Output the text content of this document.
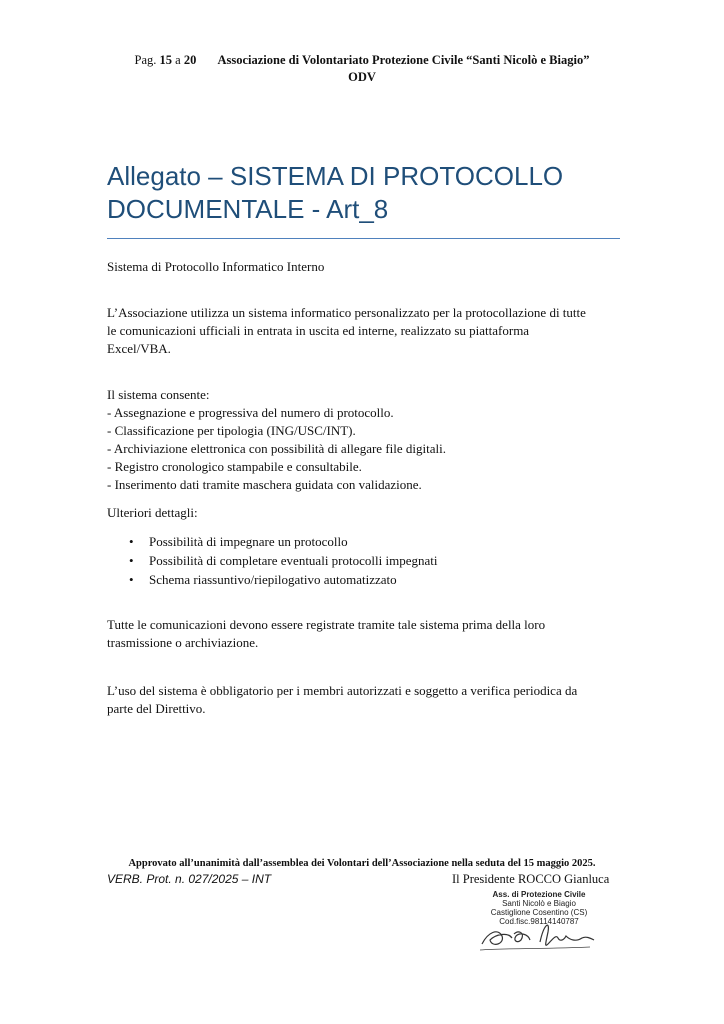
Pag. 15 a 20 Associazione di Volontariato Protezione Civile “Santi Nicolò e Biagio”
ODV
Allegato – SISTEMA DI PROTOCOLLO
DOCUMENTALE - Art_8
Sistema di Protocollo Informatico Interno
L’Associazione utilizza un sistema informatico personalizzato per la protocollazione di tutte
le comunicazioni ufficiali in entrata in uscita ed interne, realizzato su piattaforma
Excel/VBA.
Il sistema consente:
- Assegnazione e progressiva del numero di protocollo.
- Classificazione per tipologia (ING/USC/INT).
- Archiviazione elettronica con possibilità di allegare file digitali.
- Registro cronologico stampabile e consultabile.
- Inserimento dati tramite maschera guidata con validazione.
Ulteriori dettagli:
• Possibilità di impegnare un protocollo
• Possibilità di completare eventuali protocolli impegnati
• Schema riassuntivo/riepilogativo automatizzato
Tutte le comunicazioni devono essere registrate tramite tale sistema prima della loro
trasmissione o archiviazione.
L’uso del sistema è obbligatorio per i membri autorizzati e soggetto a verifica periodica da
parte del Direttivo.
Approvato all’unanimità dall’assemblea dei Volontari dell’Associazione nella seduta del 15 maggio 2025.
VERB. Prot. n. 027/2025 – INT	Il Presidente ROCCO Gianluca
Ass. di Protezione Civile
Santi Nicolò e Biagio
Castiglione Cosentino (CS)
Cod.fisc.98114140787
